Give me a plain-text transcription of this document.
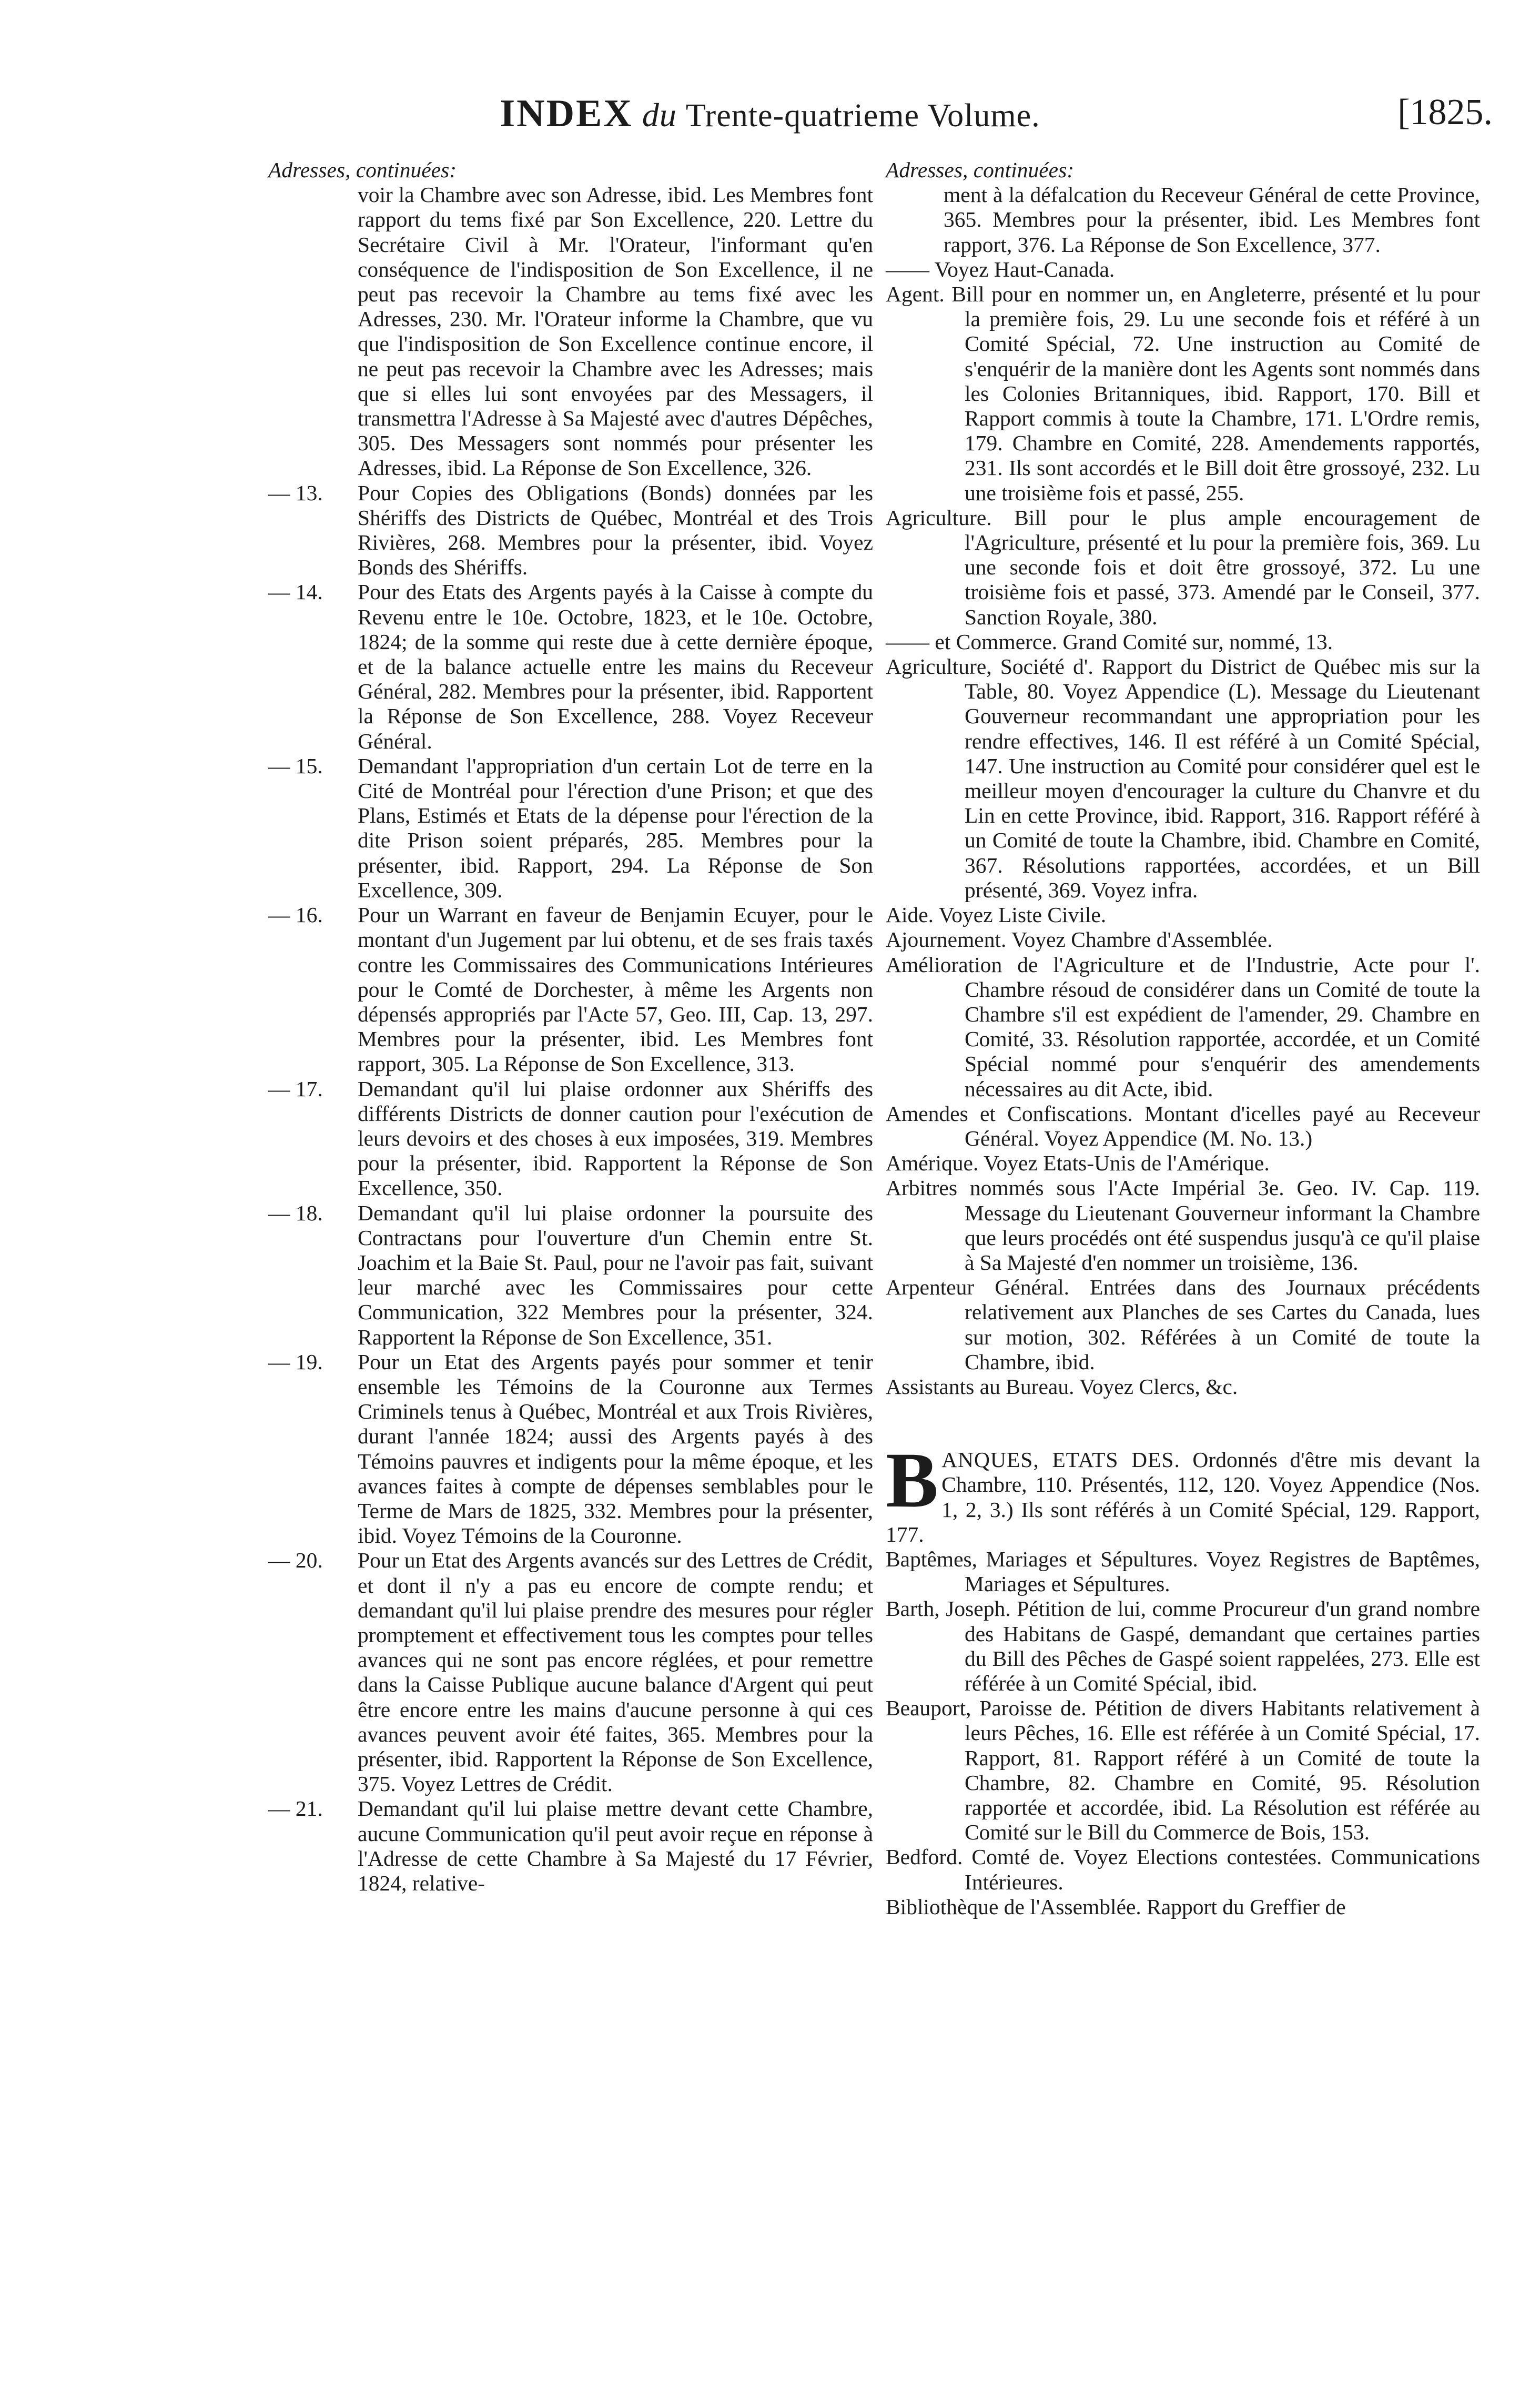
INDEX du Trente-quatrieme Volume.	[1825.

Adresses, continuées:

voir la Chambre avec son Adresse, ibid. Les Membres font rapport du tems fixé par Son Excellence, 220. Lettre du Secrétaire Civil à Mr. l'Orateur, l'informant qu'en conséquence de l'indisposition de Son Excellence, il ne peut pas recevoir la Chambre au tems fixé avec les Adresses, 230. Mr. l'Orateur informe la Chambre, que vu que l'indisposition de Son Excellence continue encore, il ne peut pas recevoir la Chambre avec les Adresses; mais que si elles lui sont envoyées par des Messagers, il transmettra l'Adresse à Sa Majesté avec d'autres Dépêches, 305. Des Messagers sont nommés pour présenter les Adresses, ibid. La Réponse de Son Excellence, 326.

— 13.	Pour Copies des Obligations (Bonds) données par les Shériffs des Districts de Québec, Montréal et des Trois Rivières, 268. Membres pour la présenter, ibid. Voyez Bonds des Shériffs.
— 14.	Pour des Etats des Argents payés à la Caisse à compte du Revenu entre le 10e. Octobre, 1823, et le 10e. Octobre, 1824; de la somme qui reste due à cette dernière époque, et de la balance actuelle entre les mains du Receveur Général, 282. Membres pour la présenter, ibid. Rapportent la Réponse de Son Excellence, 288. Voyez Receveur Général.
— 15.	Demandant l'appropriation d'un certain Lot de terre en la Cité de Montréal pour l'érection d'une Prison; et que des Plans, Estimés et Etats de la dépense pour l'érection de la dite Prison soient préparés, 285. Membres pour la présenter, ibid. Rapport, 294. La Réponse de Son Excellence, 309.
— 16.	Pour un Warrant en faveur de Benjamin Ecuyer, pour le montant d'un Jugement par lui obtenu, et de ses frais taxés contre les Commissaires des Communications Intérieures pour le Comté de Dorchester, à même les Argents non dépensés appropriés par l'Acte 57, Geo. III, Cap. 13, 297. Membres pour la présenter, ibid. Les Membres font rapport, 305. La Réponse de Son Excellence, 313.
— 17.	Demandant qu'il lui plaise ordonner aux Shériffs des différents Districts de donner caution pour l'exécution de leurs devoirs et des choses à eux imposées, 319. Membres pour la présenter, ibid. Rapportent la Réponse de Son Excellence, 350.
— 18.	Demandant qu'il lui plaise ordonner la poursuite des Contractans pour l'ouverture d'un Chemin entre St. Joachim et la Baie St. Paul, pour ne l'avoir pas fait, suivant leur marché avec les Commissaires pour cette Communication, 322 Membres pour la présenter, 324. Rapportent la Réponse de Son Excellence, 351.
— 19.	Pour un Etat des Argents payés pour sommer et tenir ensemble les Témoins de la Couronne aux Termes Criminels tenus à Québec, Montréal et aux Trois Rivières, durant l'année 1824; aussi des Argents payés à des Témoins pauvres et indigents pour la même époque, et les avances faites à compte de dépenses semblables pour le Terme de Mars de 1825, 332. Membres pour la présenter, ibid. Voyez Témoins de la Couronne.
— 20.	Pour un Etat des Argents avancés sur des Lettres de Crédit, et dont il n'y a pas eu encore de compte rendu; et demandant qu'il lui plaise prendre des mesures pour régler promptement et effectivement tous les comptes pour telles avances qui ne sont pas encore réglées, et pour remettre dans la Caisse Publique aucune balance d'Argent qui peut être encore entre les mains d'aucune personne à qui ces avances peuvent avoir été faites, 365. Membres pour la présenter, ibid. Rapportent la Réponse de Son Excellence, 375. Voyez Lettres de Crédit.
— 21.	Demandant qu'il lui plaise mettre devant cette Chambre, aucune Communication qu'il peut avoir reçue en réponse à l'Adresse de cette Chambre à Sa Majesté du 17 Février, 1824, relative-

Adresses, continuées:

ment à la défalcation du Receveur Général de cette Province, 365. Membres pour la présenter, ibid. Les Membres font rapport, 376. La Réponse de Son Excellence, 377.

—— Voyez Haut-Canada.

Agent. Bill pour en nommer un, en Angleterre, présenté et lu pour la première fois, 29. Lu une seconde fois et référé à un Comité Spécial, 72. Une instruction au Comité de s'enquérir de la manière dont les Agents sont nommés dans les Colonies Britanniques, ibid. Rapport, 170. Bill et Rapport commis à toute la Chambre, 171. L'Ordre remis, 179. Chambre en Comité, 228. Amendements rapportés, 231. Ils sont accordés et le Bill doit être grossoyé, 232. Lu une troisième fois et passé, 255.

Agriculture. Bill pour le plus ample encouragement de l'Agriculture, présenté et lu pour la première fois, 369. Lu une seconde fois et doit être grossoyé, 372. Lu une troisième fois et passé, 373. Amendé par le Conseil, 377. Sanction Royale, 380.

—— et Commerce. Grand Comité sur, nommé, 13.

Agriculture, Société d'. Rapport du District de Québec mis sur la Table, 80. Voyez Appendice (L). Message du Lieutenant Gouverneur recommandant une appropriation pour les rendre effectives, 146. Il est référé à un Comité Spécial, 147. Une instruction au Comité pour considérer quel est le meilleur moyen d'encourager la culture du Chanvre et du Lin en cette Province, ibid. Rapport, 316. Rapport référé à un Comité de toute la Chambre, ibid. Chambre en Comité, 367. Résolutions rapportées, accordées, et un Bill présenté, 369. Voyez infra.

Aide. Voyez Liste Civile.

Ajournement. Voyez Chambre d'Assemblée.

Amélioration de l'Agriculture et de l'Industrie, Acte pour l'. Chambre résoud de considérer dans un Comité de toute la Chambre s'il est expédient de l'amender, 29. Chambre en Comité, 33. Résolution rapportée, accordée, et un Comité Spécial nommé pour s'enquérir des amendements nécessaires au dit Acte, ibid.

Amendes et Confiscations. Montant d'icelles payé au Receveur Général. Voyez Appendice (M. No. 13.)

Amérique. Voyez Etats-Unis de l'Amérique.

Arbitres nommés sous l'Acte Impérial 3e. Geo. IV. Cap. 119. Message du Lieutenant Gouverneur informant la Chambre que leurs procédés ont été suspendus jusqu'à ce qu'il plaise à Sa Majesté d'en nommer un troisième, 136.

Arpenteur Général. Entrées dans des Journaux précédents relativement aux Planches de ses Cartes du Canada, lues sur motion, 302. Référées à un Comité de toute la Chambre, ibid.

Assistants au Bureau. Voyez Clercs, &c.

B ANQUES, ETATS DES. Ordonnés d'être mis devant la Chambre, 110. Présentés, 112, 120. Voyez Appendice (Nos. 1, 2, 3.) Ils sont référés à un Comité Spécial, 129. Rapport, 177.

Baptêmes, Mariages et Sépultures. Voyez Registres de Baptêmes, Mariages et Sépultures.

Barth, Joseph. Pétition de lui, comme Procureur d'un grand nombre des Habitans de Gaspé, demandant que certaines parties du Bill des Pêches de Gaspé soient rappelées, 273. Elle est référée à un Comité Spécial, ibid.

Beauport, Paroisse de. Pétition de divers Habitants relativement à leurs Pêches, 16. Elle est référée à un Comité Spécial, 17. Rapport, 81. Rapport référé à un Comité de toute la Chambre, 82. Chambre en Comité, 95. Résolution rapportée et accordée, ibid. La Résolution est référée au Comité sur le Bill du Commerce de Bois, 153.

Bedford. Comté de. Voyez Elections contestées. Communications Intérieures.

Bibliothèque de l'Assemblée. Rapport du Greffier de
